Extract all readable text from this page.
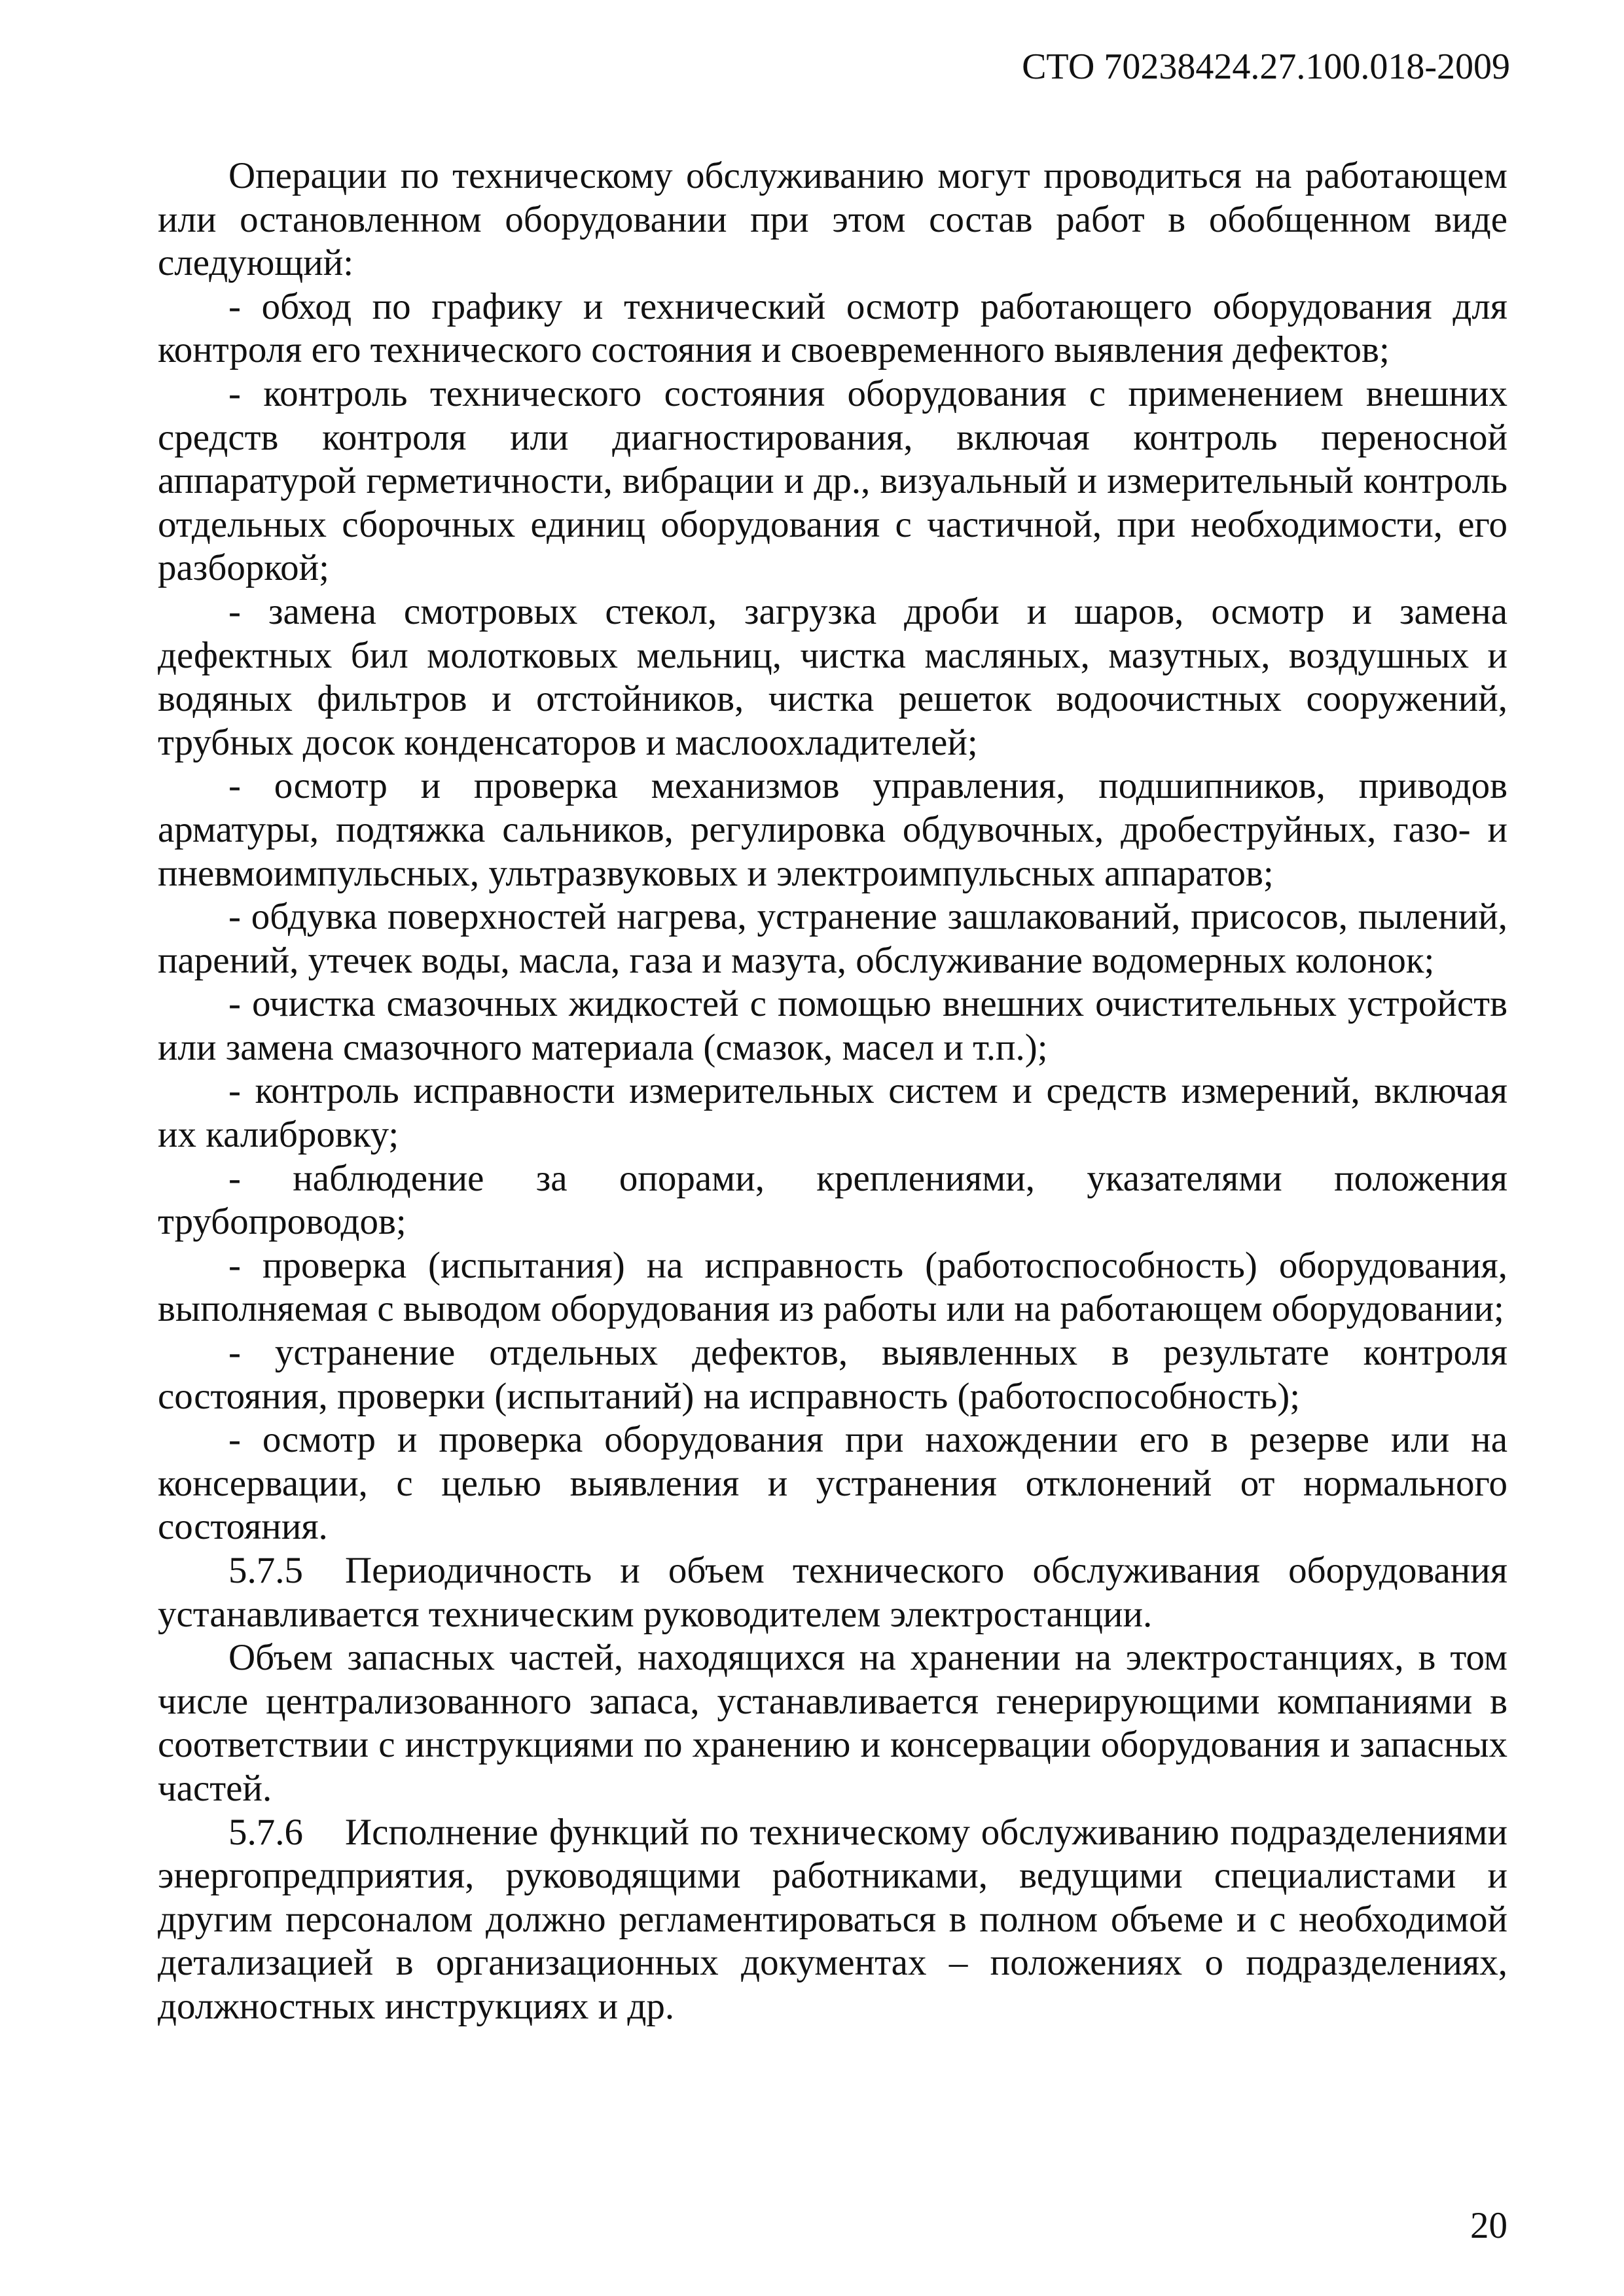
СТО 70238424.27.100.018-2009

Операции по техническому обслуживанию могут проводиться на работающем или остановленном оборудовании при этом состав работ в обобщенном виде следующий:

- обход по графику и технический осмотр работающего оборудования для контроля его технического состояния и своевременного выявления дефектов;

- контроль технического состояния оборудования с применением внешних средств контроля или диагностирования, включая контроль переносной аппаратурой герметичности, вибрации и др., визуальный и измерительный контроль отдельных сборочных единиц оборудования с частичной, при необходимости, его разборкой;

- замена смотровых стекол, загрузка дроби и шаров, осмотр и замена дефектных бил молотковых мельниц, чистка масляных, мазутных, воздушных и водяных фильтров и отстойников, чистка решеток водоочистных сооружений, трубных досок конденсаторов и маслоохладителей;

- осмотр и проверка механизмов управления, подшипников, приводов арматуры, подтяжка сальников, регулировка обдувочных, дробеструйных, газо- и пневмоимпульсных, ультразвуковых и электроимпульсных аппаратов;

- обдувка поверхностей нагрева, устранение зашлакований, присосов, пылений, парений, утечек воды, масла, газа и мазута, обслуживание водомерных колонок;

- очистка смазочных жидкостей с помощью внешних очистительных устройств или замена смазочного материала (смазок, масел и т.п.);

- контроль исправности измерительных систем и средств измерений, включая их калибровку;

- наблюдение за опорами, креплениями, указателями положения трубопроводов;

- проверка (испытания) на исправность (работоспособность) оборудования, выполняемая с выводом оборудования из работы или на работающем оборудовании;

- устранение отдельных дефектов, выявленных в результате контроля состояния, проверки (испытаний) на исправность (работоспособность);

- осмотр и проверка оборудования при нахождении его в резерве или на консервации, с целью выявления и устранения отклонений от нормального состояния.

5.7.5 Периодичность и объем технического обслуживания оборудования устанавливается техническим руководителем электростанции.

Объем запасных частей, находящихся на хранении на электростанциях, в том числе централизованного запаса, устанавливается генерирующими компаниями в соответствии с инструкциями по хранению и консервации оборудования и запасных частей.

5.7.6 Исполнение функций по техническому обслуживанию подразделениями энергопредприятия, руководящими работниками, ведущими специалистами и другим персоналом должно регламентироваться в полном объеме и с необходимой детализацией в организационных документах – положениях о подразделениях, должностных инструкциях и др.

20
